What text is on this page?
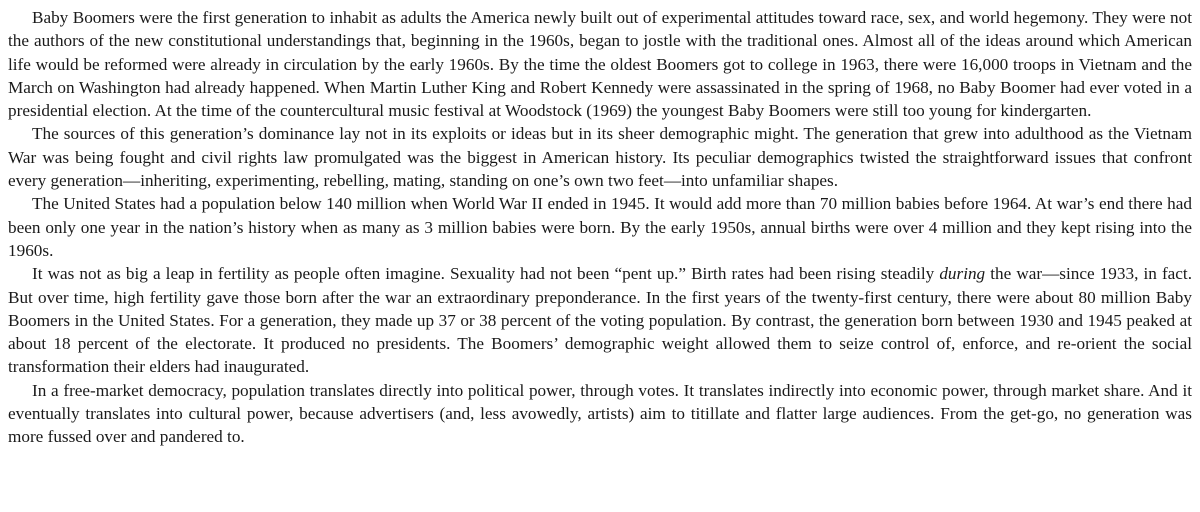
Baby Boomers were the first generation to inhabit as adults the America newly built out of experimental attitudes toward race, sex, and world hegemony. They were not the authors of the new constitutional understandings that, beginning in the 1960s, began to jostle with the traditional ones. Almost all of the ideas around which American life would be reformed were already in circulation by the early 1960s. By the time the oldest Boomers got to college in 1963, there were 16,000 troops in Vietnam and the March on Washington had already happened. When Martin Luther King and Robert Kennedy were assassinated in the spring of 1968, no Baby Boomer had ever voted in a presidential election. At the time of the countercultural music festival at Woodstock (1969) the youngest Baby Boomers were still too young for kindergarten.

The sources of this generation’s dominance lay not in its exploits or ideas but in its sheer demographic might. The generation that grew into adulthood as the Vietnam War was being fought and civil rights law promulgated was the biggest in American history. Its peculiar demographics twisted the straightforward issues that confront every generation—inheriting, experimenting, rebelling, mating, standing on one’s own two feet—into unfamiliar shapes.

The United States had a population below 140 million when World War II ended in 1945. It would add more than 70 million babies before 1964. At war’s end there had been only one year in the nation’s history when as many as 3 million babies were born. By the early 1950s, annual births were over 4 million and they kept rising into the 1960s.

It was not as big a leap in fertility as people often imagine. Sexuality had not been “pent up.” Birth rates had been rising steadily during the war—since 1933, in fact. But over time, high fertility gave those born after the war an extraordinary preponderance. In the first years of the twenty-first century, there were about 80 million Baby Boomers in the United States. For a generation, they made up 37 or 38 percent of the voting population. By contrast, the generation born between 1930 and 1945 peaked at about 18 percent of the electorate. It produced no presidents. The Boomers’ demographic weight allowed them to seize control of, enforce, and re-orient the social transformation their elders had inaugurated.

In a free-market democracy, population translates directly into political power, through votes. It translates indirectly into economic power, through market share. And it eventually translates into cultural power, because advertisers (and, less avowedly, artists) aim to titillate and flatter large audiences. From the get-go, no generation was more fussed over and pandered to.
